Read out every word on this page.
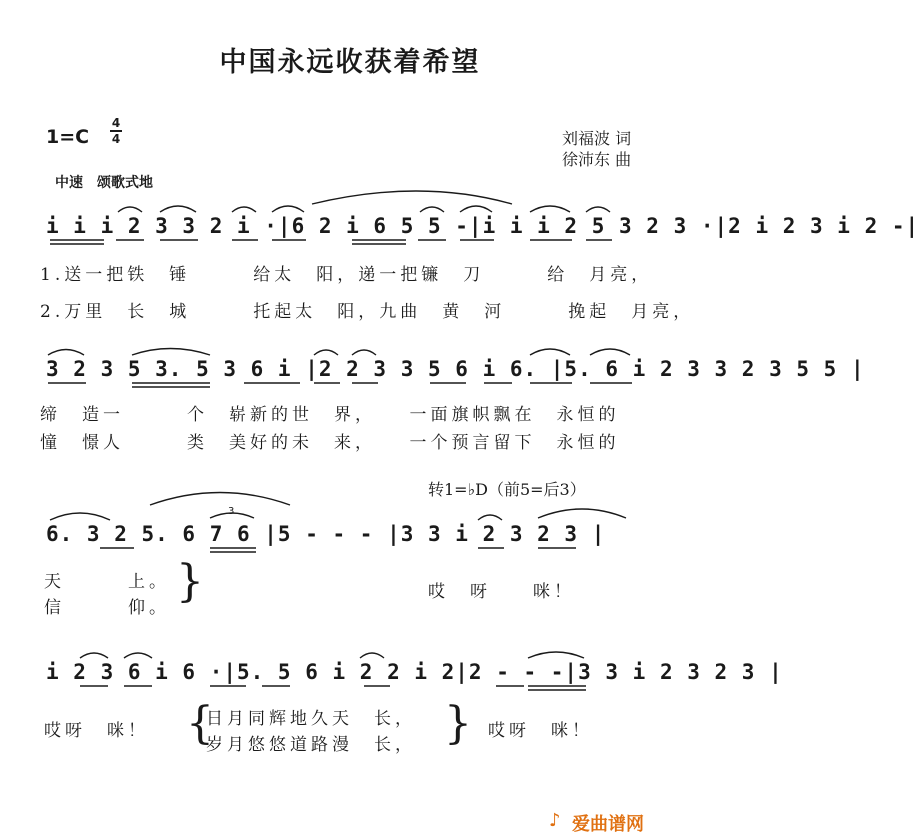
中国永远收获着希望
1=C
4
4	刘福波 词
徐沛东 曲
中速　颂歌式地
i i i 2 3 3 2 i ·|6 2 i 6 5 5 -|i i i 2 5 3 2 3 ·|2 i 2 3 i 2 -|
1.送一把铁　锤　　　给太　阳，递一把镰　刀　　　给　月亮，
2.万里　长　城　　　托起太　阳，九曲　黄　河　　　挽起　月亮，
3 2 3 5 3. 5 3 6 i |2 2 3 3 5 6 i 6. |5. 6 i 2 3 3 2 3 5 5 |
缔　造一　　　个　崭新的世　界，　　一面旗帜飘在　永恒的
憧　憬人　　　类　美好的未　来，　　一个预言留下　永恒的
转1=♭D（前5=后3）
6. 3 2 5. 6 7 6 |5 - - - |3 3 i 2 3 2 3 |
天　　　上。
信　　　仰。
}	哎　呀　　咪！
i 2 3 6 i 6 ·|5. 5 6 i 2 2 i 2|2 - - -|3 3 i 2 3 2 3 |
哎呀　咪！ {
日月同辉地久天　长，
岁月悠悠道路漫　长， } 哎呀　咪！
3
♪ 爱曲谱网
